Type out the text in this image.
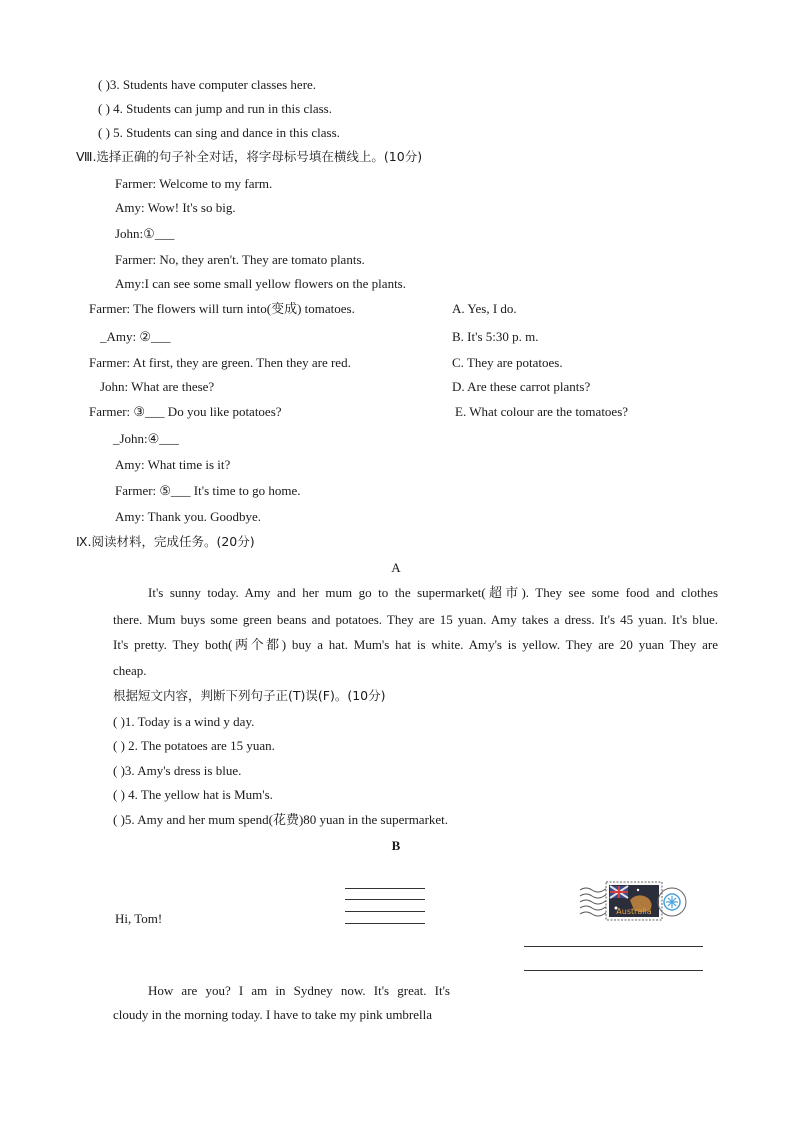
( )3. Students have computer classes here.
( ) 4. Students can jump and run in this class.
( ) 5. Students can sing and dance in this class.
Ⅷ.选择正确的句子补全对话，将字母标号填在横线上。(10分)
Farmer: Welcome to my farm.
Amy: Wow! It's so big.
John:①___
Farmer: No, they aren't. They are tomato plants.
Amy:I can see some small yellow flowers on the plants.
Farmer: The flowers will turn into(变成) tomatoes.
_Amy: ②___
Farmer: At first, they are green. Then they are red.
John: What are these?
Farmer: ③___ Do you like potatoes?
_John:④___
Amy: What time is it?
Farmer: ⑤___ It's time to go home.
Amy: Thank you. Goodbye.
A. Yes, I do.
B. It's 5:30 p. m.
C. They are potatoes.
D. Are these carrot plants?
E. What colour are the tomatoes?
Ⅸ.阅读材料，完成任务。(20分)
A
It's sunny today. Amy and her mum go to the supermarket(超市). They see some food and clothes
there. Mum buys some green beans and potatoes. They are 15 yuan. Amy takes a dress. It's 45 yuan. It's blue.
It's pretty. They both(两个都) buy a hat. Mum's hat is white. Amy's is yellow. They are 20 yuan They are
cheap.
根据短文内容，判断下列句子正(T)误(F)。(10分)
( )1. Today is a wind y day.
( ) 2. The potatoes are 15 yuan.
( )3. Amy's dress is blue.
( ) 4. The yellow hat is Mum's.
( )5. Amy and her mum spend(花费)80 yuan in the supermarket.
B
Australia
Hi, Tom!
How are you? I am in Sydney now. It's great. It's
cloudy in the morning today. I have to take my pink umbrella
